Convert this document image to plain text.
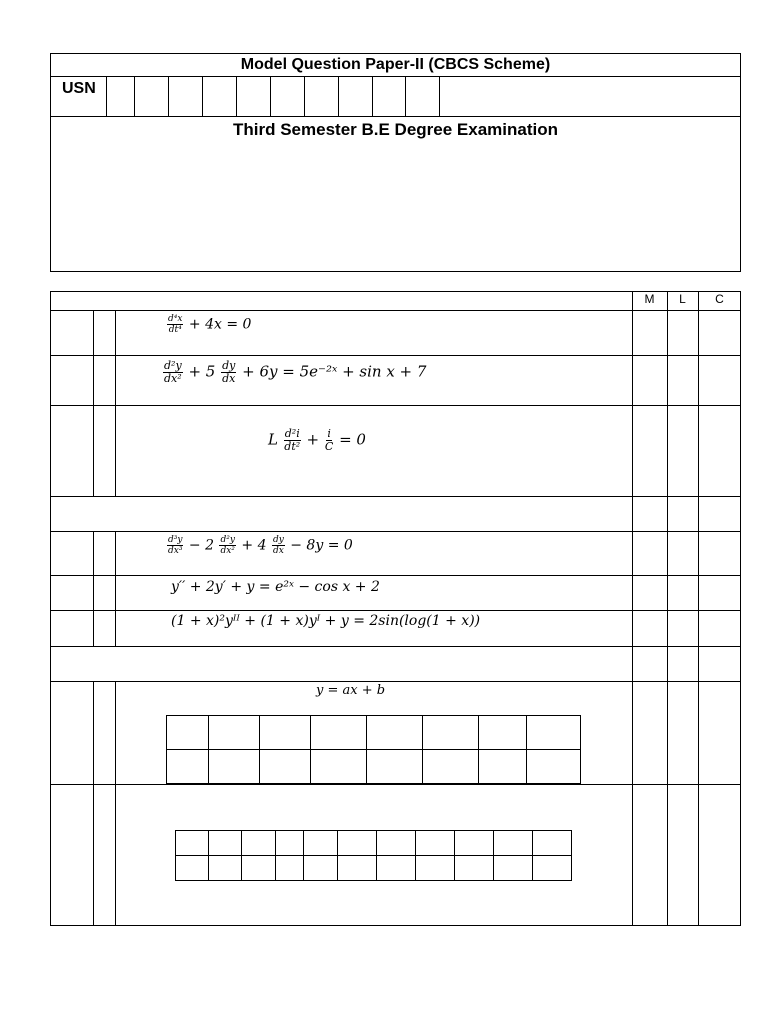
Model Question Paper-II (CBCS Scheme)
USN
Third Semester B.E Degree Examination
M	L	C
$\frac{\text{d⁴x}}{\text{dt⁴}} + 4x = 0$
$\frac{\text{d²y}}{\text{dx²}} + 5 \frac{dy}{dx} + 6y$ = 5e⁻²ˣ + sin x + 7
L $\frac{\text{d²i}}{\text{dt²}} + \frac{i}{C} = 0$
$\frac{\text{d³y}}{\text{dx³}} - 2 \frac{\text{d²y}}{\text{dx²}} + 4 \frac{dy}{dx} - 8y = 0$
y′′ + 2y′ + y = e²ˣ − cos x + 2
(1 + x)²yᴵᴵ + (1 + x)yᴵ + y = 2sin(log(1 + x))
y = ax + b
